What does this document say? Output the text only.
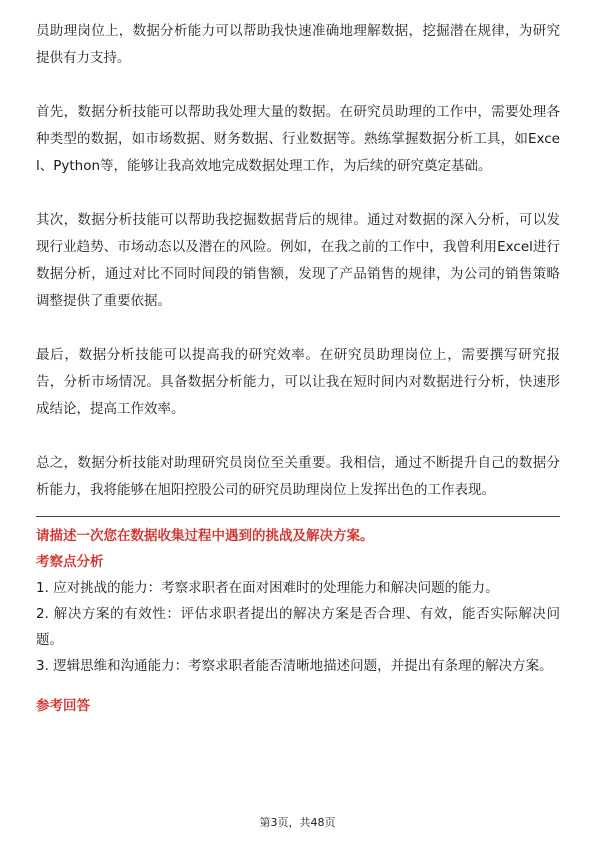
员助理岗位上，数据分析能力可以帮助我快速准确地理解数据，挖掘潜在规律，为研究提供有力支持。

首先，数据分析技能可以帮助我处理大量的数据。在研究员助理的工作中，需要处理各种类型的数据，如市场数据、财务数据、行业数据等。熟练掌握数据分析工具，如Excel、Python等，能够让我高效地完成数据处理工作，为后续的研究奠定基础。

其次，数据分析技能可以帮助我挖掘数据背后的规律。通过对数据的深入分析，可以发现行业趋势、市场动态以及潜在的风险。例如，在我之前的工作中，我曾利用Excel进行数据分析，通过对比不同时间段的销售额，发现了产品销售的规律，为公司的销售策略调整提供了重要依据。

最后，数据分析技能可以提高我的研究效率。在研究员助理岗位上，需要撰写研究报告，分析市场情况。具备数据分析能力，可以让我在短时间内对数据进行分析，快速形成结论，提高工作效率。

总之，数据分析技能对助理研究员岗位至关重要。我相信，通过不断提升自己的数据分析能力，我将能够在旭阳控股公司的研究员助理岗位上发挥出色的工作表现。

请描述一次您在数据收集过程中遇到的挑战及解决方案。

考察点分析

1. 应对挑战的能力：考察求职者在面对困难时的处理能力和解决问题的能力。
2. 解决方案的有效性：评估求职者提出的解决方案是否合理、有效，能否实际解决问题。
3. 逻辑思维和沟通能力：考察求职者能否清晰地描述问题，并提出有条理的解决方案。

参考回答

第3页，共48页
